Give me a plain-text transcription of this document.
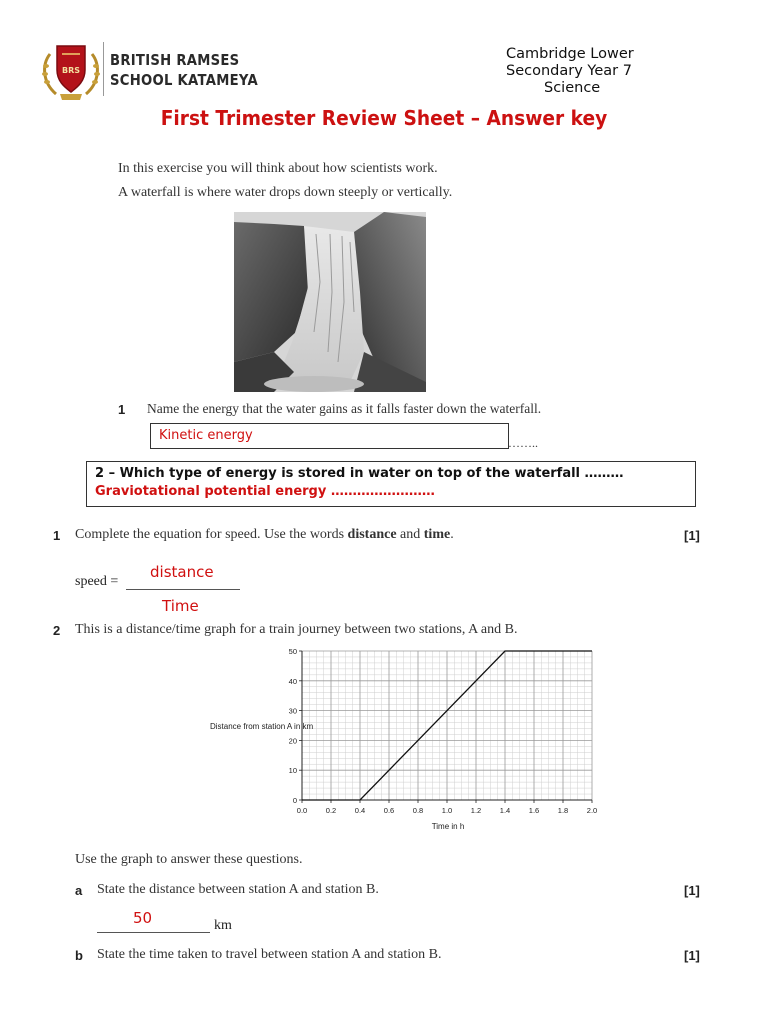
BRS
BRITISH RAMSES
SCHOOL KATAMEYA
Cambridge Lower
Secondary Year 7
Science
First Trimester Review Sheet – Answer key
In this exercise you will think about how scientists work.
A waterfall is where water drops down steeply or vertically.
1 Name the energy that the water gains as it falls faster down the waterfall.
Kinetic energy	……..
2 – Which type of energy is stored in water on top of the waterfall ………
Graviotational potential energy ……………………
1 Complete the equation for speed. Use the words distance and time.	[1]
speed =
distance
Time
2 This is a distance/time graph for a train journey between two stations, A and B.
0.0 0.2 0.4 0.6 0.8 1.0 1.2 1.4 1.6 1.8 2.0
0
10
20
30
40
50
Distance from station A in km
Time in h
Use the graph to answer these questions.
a State the distance between station A and station B.	[1]
50	km
b State the time taken to travel between station A and station B.	[1]
